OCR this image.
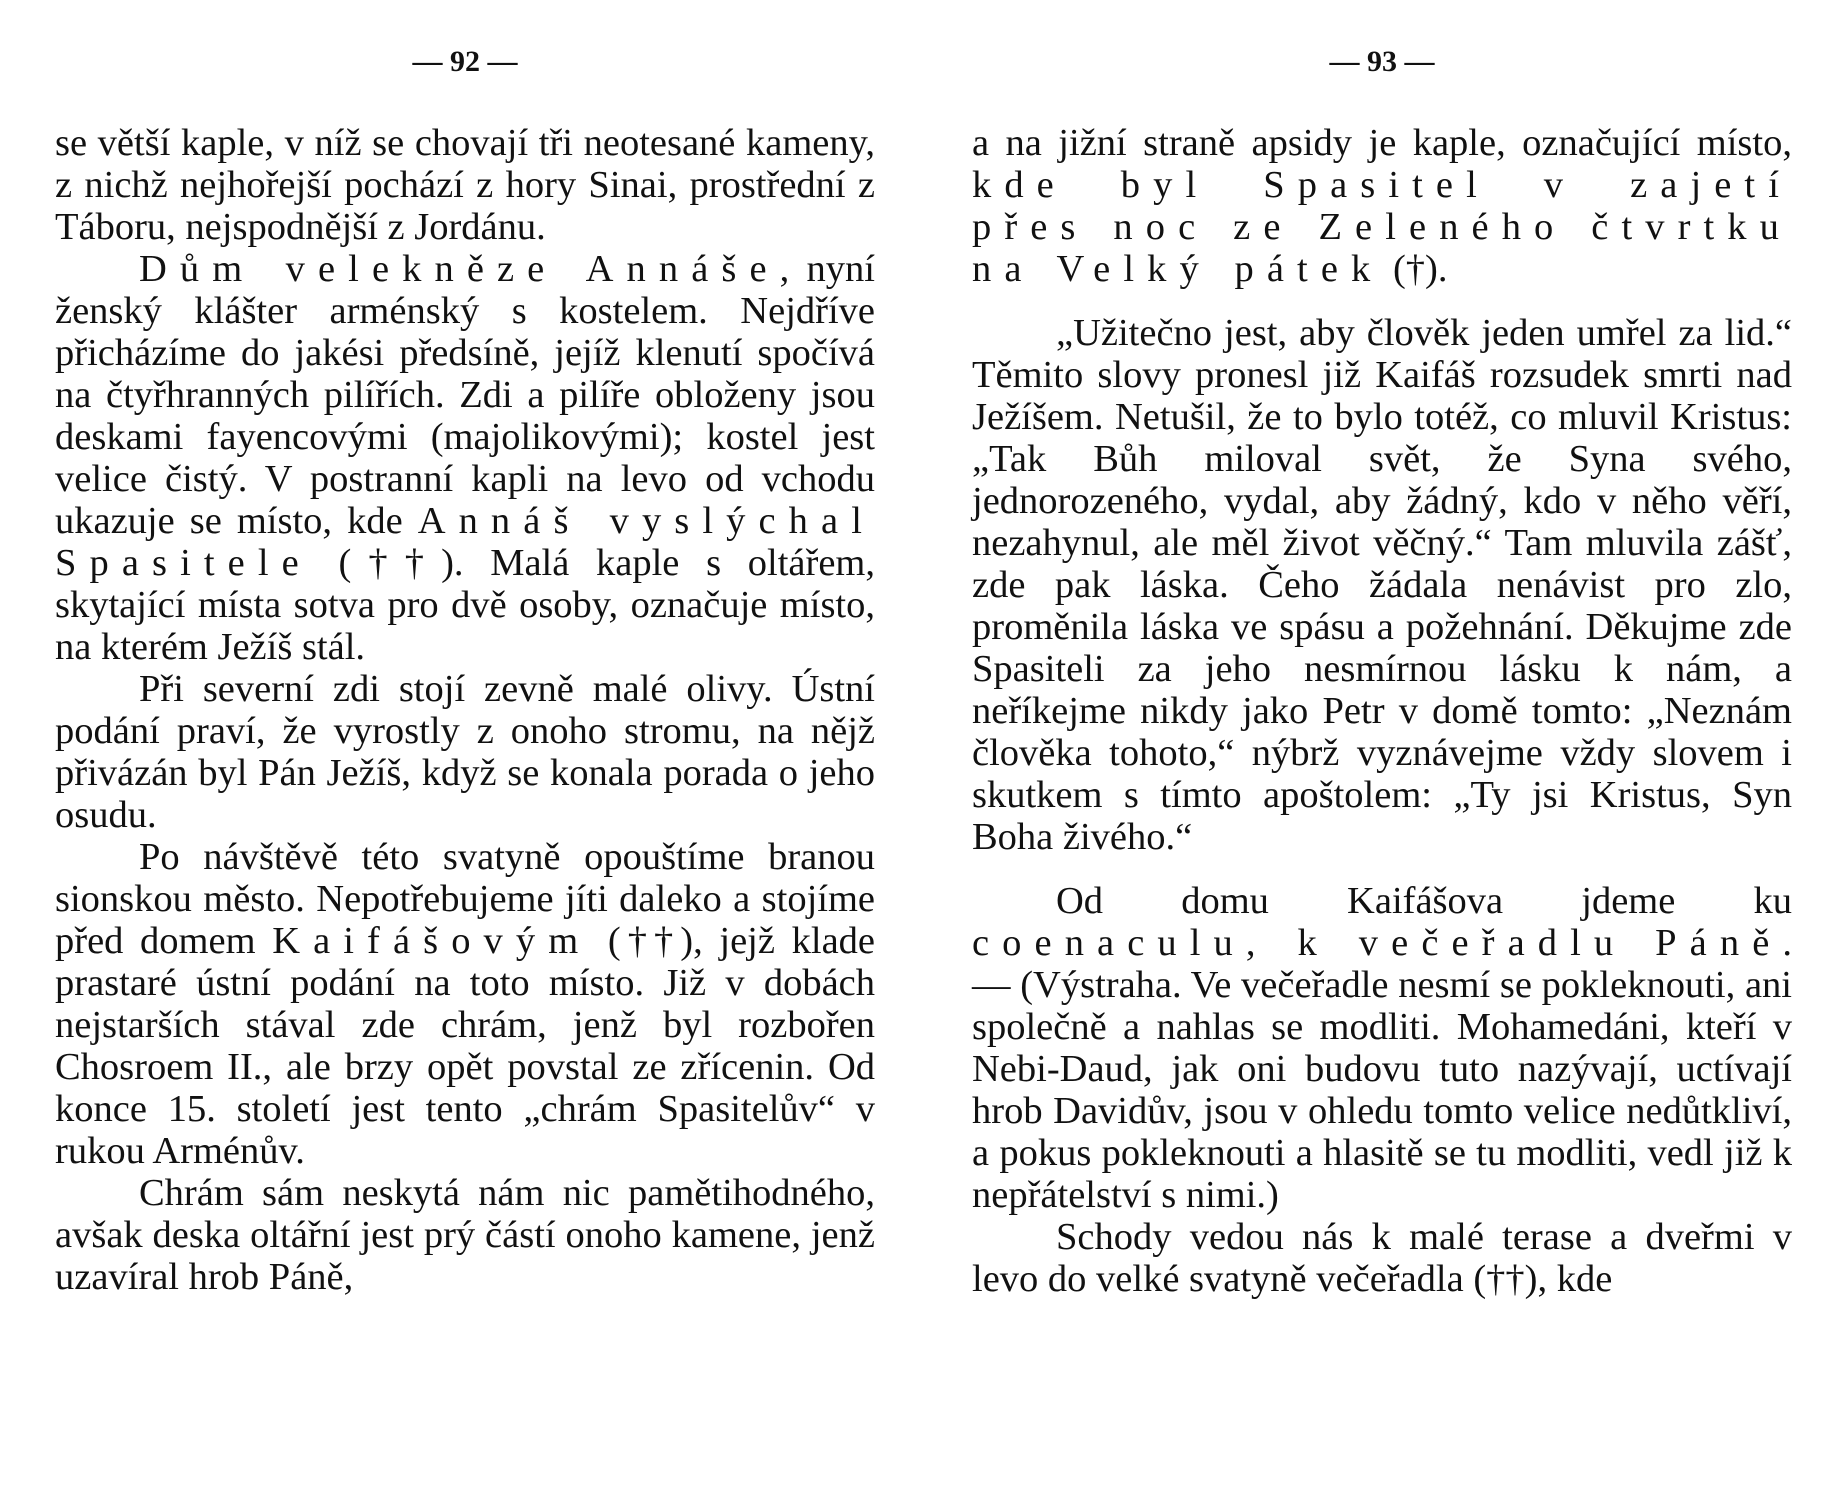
— 92 —

se větší kaple, v níž se chovají tři neotesané kameny, z nichž nejhořejší pochází z hory Sinai, prostřední z Táboru, nejspodnější z Jordánu.

Dům velekněze Annáše, nyní ženský klášter arménský s kostelem. Nejdříve přicházíme do jakési předsíně, jejíž klenutí spočívá na čtyřhranných pilířích. Zdi a pilíře obloženy jsou deskami fayencovými (majolikovými); kostel jest velice čistý. V postranní kapli na levo od vchodu ukazuje se místo, kde Annáš vyslýchal Spasitele (††). Malá kaple s oltářem, skytající místa sotva pro dvě osoby, označuje místo, na kterém Ježíš stál.

Při severní zdi stojí zevně malé olivy. Ústní podání praví, že vyrostly z onoho stromu, na nějž přivázán byl Pán Ježíš, když se konala porada o jeho osudu.

Po návštěvě této svatyně opouštíme branou sionskou město. Nepotřebujeme jíti daleko a stojíme před domem Kaifášovým (††), jejž klade prastaré ústní podání na toto místo. Již v dobách nejstarších stával zde chrám, jenž byl rozbořen Chosroem II., ale brzy opět povstal ze zřícenin. Od konce 15. století jest tento „chrám Spasitelův“ v rukou Arménův.

Chrám sám neskytá nám nic pamětihodného, avšak deska oltářní jest prý částí onoho kamene, jenž uzavíral hrob Páně,

— 93 —

a na jižní straně apsidy je kaple, označující místo, kde byl Spasitel v zajetí přes noc ze Zeleného čtvrtku na Velký pátek (†).

„Užitečno jest, aby člověk jeden umřel za lid.“ Těmito slovy pronesl již Kaifáš rozsudek smrti nad Ježíšem. Netušil, že to bylo totéž, co mluvil Kristus: „Tak Bůh miloval svět, že Syna svého, jednorozeného, vydal, aby žádný, kdo v něho věří, nezahynul, ale měl život věčný.“ Tam mluvila zášť, zde pak láska. Čeho žádala nenávist pro zlo, proměnila láska ve spásu a požehnání. Děkujme zde Spasiteli za jeho nesmírnou lásku k nám, a neříkejme nikdy jako Petr v domě tomto: „Neznám člověka tohoto,“ nýbrž vyznávejme vždy slovem i skutkem s tímto apoštolem: „Ty jsi Kristus, Syn Boha živého.“

Od domu Kaifášova jdeme ku coenaculu, k večeřadlu Páně. — (Výstraha. Ve večeřadle nesmí se pokleknouti, ani společně a nahlas se modliti. Mohamedáni, kteří v Nebi-Daud, jak oni budovu tuto nazývají, uctívají hrob Davidův, jsou v ohledu tomto velice nedůtkliví, a pokus pokleknouti a hlasitě se tu modliti, vedl již k nepřátelství s nimi.)

Schody vedou nás k malé terase a dveřmi v levo do velké svatyně večeřadla (††), kde
